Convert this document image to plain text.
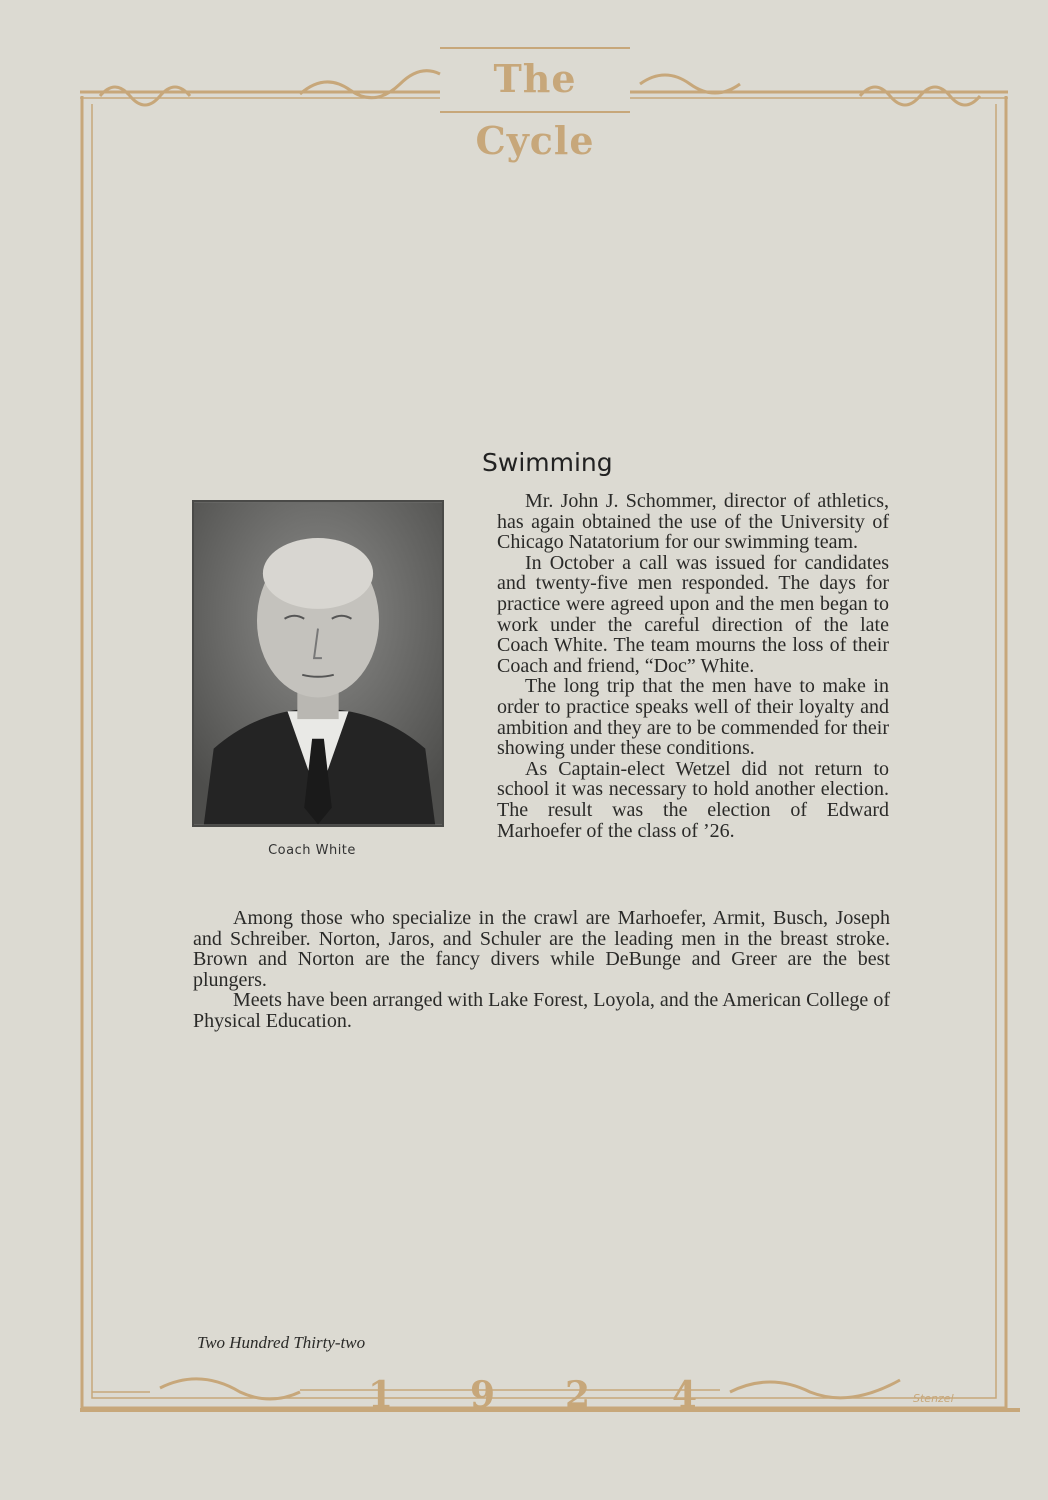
The Cycle
Swimming
Coach White

Mr. John J. Schommer, director of athletics, has again obtained the use of the University of Chicago Natatorium for our swimming team.

In October a call was issued for candidates and twenty-five men responded. The days for practice were agreed upon and the men began to work under the careful direction of the late Coach White. The team mourns the loss of their Coach and friend, “Doc” White.

The long trip that the men have to make in order to practice speaks well of their loyalty and ambition and they are to be commended for their showing under these conditions.

As Captain-elect Wetzel did not return to school it was necessary to hold another election. The result was the election of Edward Marhoefer of the class of ’26.

Among those who specialize in the crawl are Marhoefer, Armit, Busch, Joseph and Schreiber. Norton, Jaros, and Schuler are the leading men in the breast stroke. Brown and Norton are the fancy divers while DeBunge and Greer are the best plungers.

Meets have been arranged with Lake Forest, Loyola, and the American College of Physical Education.

Two Hundred Thirty-two
1 9 2 4	Stenzel
